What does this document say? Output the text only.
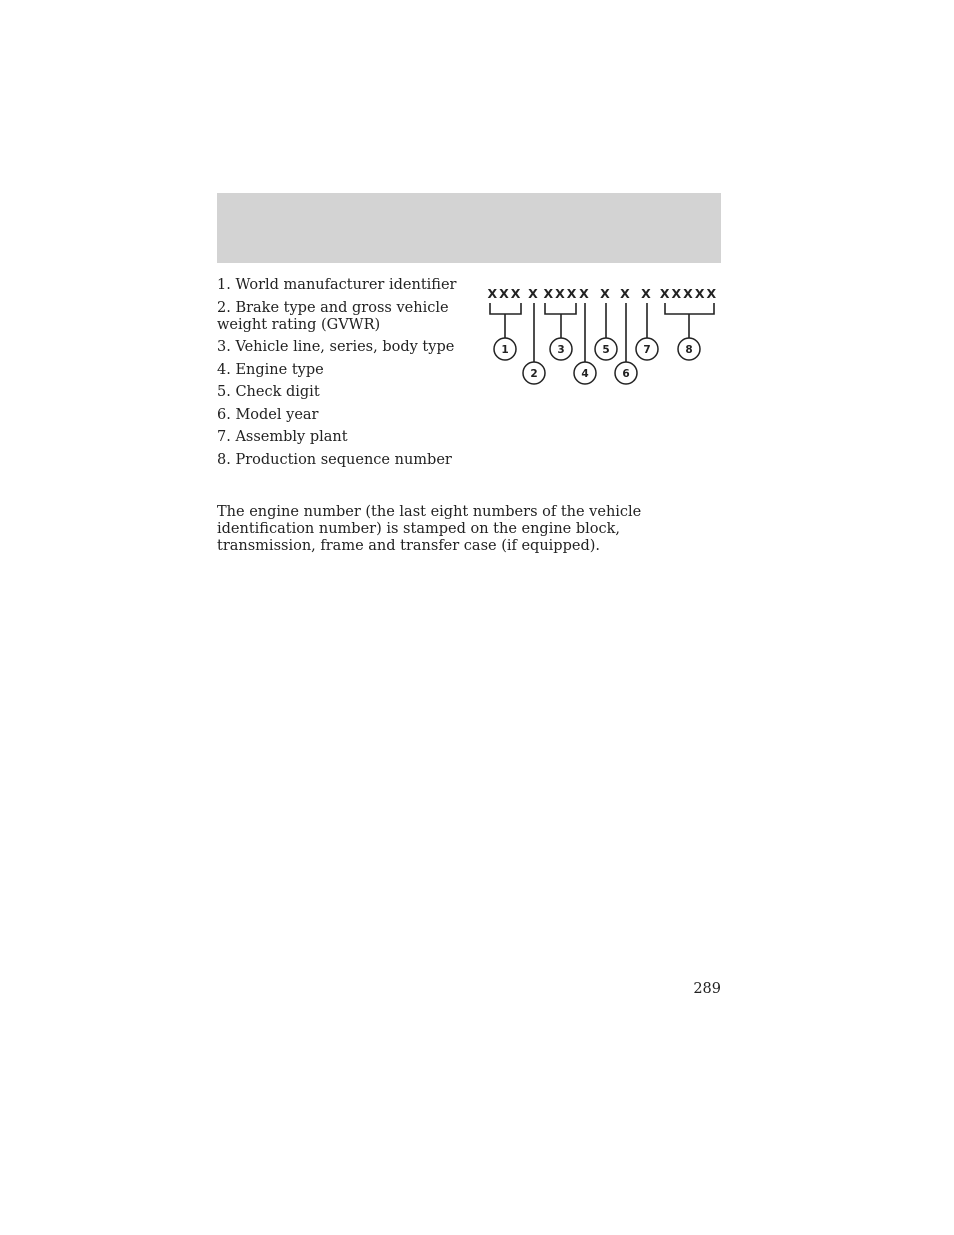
1. World manufacturer identifier
2. Brake type and gross vehicle weight rating (GVWR)
3. Vehicle line, series, body type
4. Engine type
5. Check digit
6. Model year
7. Assembly plant
8. Production sequence number
XXX X XXX X X X X XXXXX
1
2
3
4
5
6
7	8

The engine number (the last eight numbers of the vehicle identification number) is stamped on the engine block, transmission, frame and transfer case (if equipped).

289
